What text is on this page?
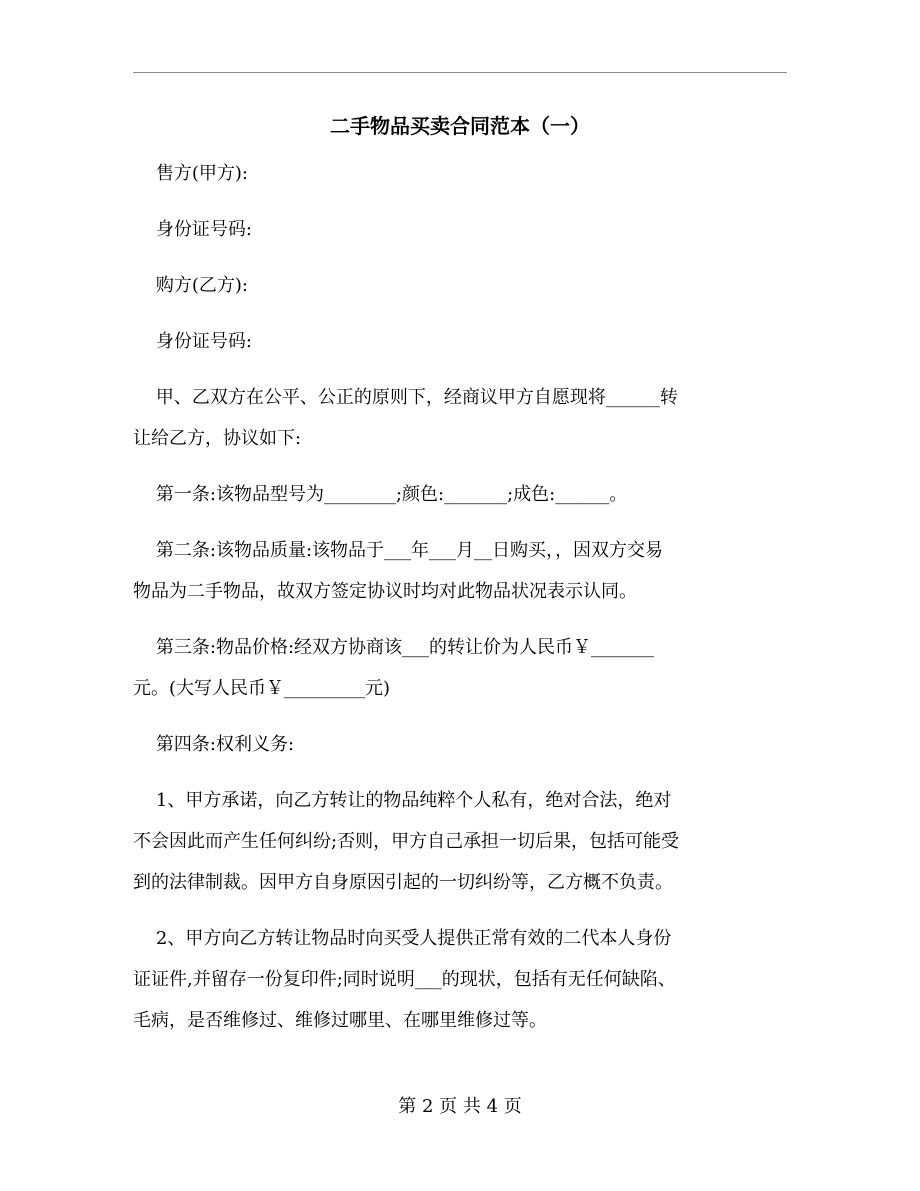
二手物品买卖合同范本（一）
售方(甲方):
身份证号码:
购方(乙方):
身份证号码:
甲、乙双方在公平、公正的原则下，经商议甲方自愿现将______转
让给乙方，协议如下:
第一条:该物品型号为________;颜色:_______;成色:______。
第二条:该物品质量:该物品于___年___月__日购买，，因双方交易
物品为二手物品，故双方签定协议时均对此物品状况表示认同。
第三条:物品价格:经双方协商该___的转让价为人民币￥_______
元。(大写人民币￥_________元)
第四条:权利义务:
1、甲方承诺，向乙方转让的物品纯粹个人私有，绝对合法，绝对
不会因此而产生任何纠纷;否则，甲方自己承担一切后果，包括可能受
到的法律制裁。因甲方自身原因引起的一切纠纷等，乙方概不负责。
2、甲方向乙方转让物品时向买受人提供正常有效的二代本人身份
证证件,并留存一份复印件;同时说明___的现状，包括有无任何缺陷、
毛病，是否维修过、维修过哪里、在哪里维修过等。
第 2 页 共 4 页
